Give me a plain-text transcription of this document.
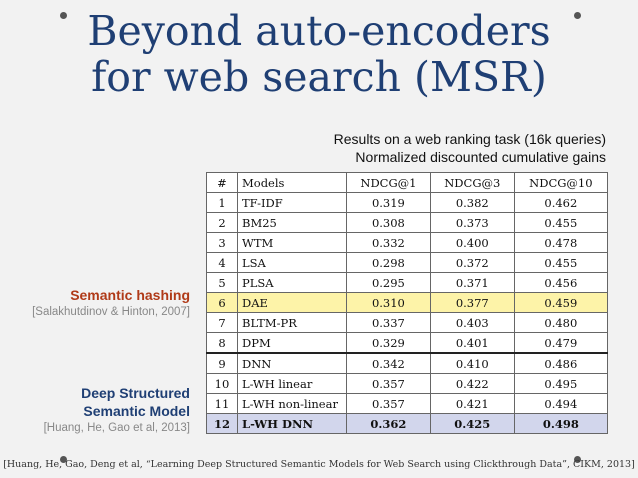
Beyond auto-encoders
for web search (MSR)
Results on a web ranking task (16k queries)
Normalized discounted cumulative gains
Semantic hashing
[Salakhutdinov & Hinton, 2007]
Deep Structured
Semantic Model
[Huang, He, Gao et al, 2013]
#	Models	NDCG@1	NDCG@3	NDCG@10
1	TF-IDF	0.319	0.382	0.462
2	BM25	0.308	0.373	0.455
3	WTM	0.332	0.400	0.478
4	LSA	0.298	0.372	0.455
5	PLSA	0.295	0.371	0.456
6	DAE	0.310	0.377	0.459
7	BLTM-PR	0.337	0.403	0.480
8	DPM	0.329	0.401	0.479
9	DNN	0.342	0.410	0.486
10	L-WH linear	0.357	0.422	0.495
11	L-WH non-linear	0.357	0.421	0.494
12	L-WH DNN	0.362	0.425	0.498
[Huang, He, Gao, Deng et al, “Learning Deep Structured Semantic Models for Web Search using Clickthrough Data”, CIKM, 2013]
